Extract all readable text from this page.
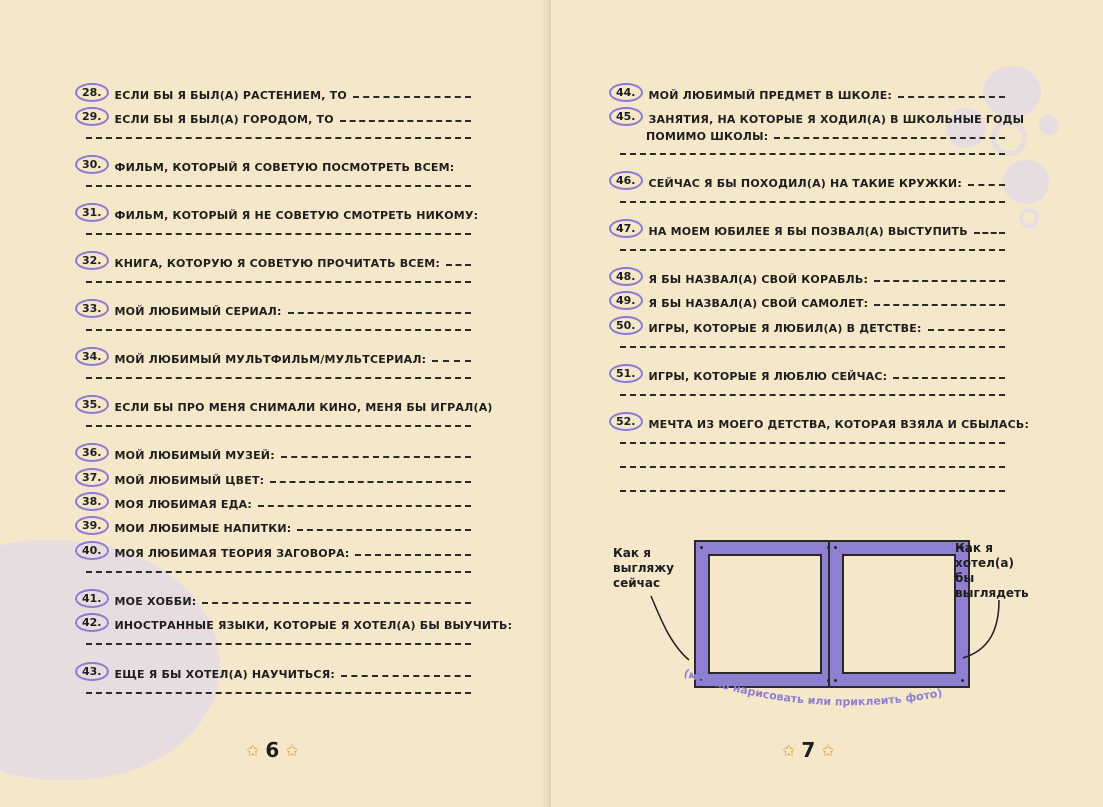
28.	ЕСЛИ БЫ Я БЫЛ(А) РАСТЕНИЕМ, ТО
29.	ЕСЛИ БЫ Я БЫЛ(А) ГОРОДОМ, ТО
30.	ФИЛЬМ, КОТОРЫЙ Я СОВЕТУЮ ПОСМОТРЕТЬ ВСЕМ:
31.	ФИЛЬМ, КОТОРЫЙ Я НЕ СОВЕТУЮ СМОТРЕТЬ НИКОМУ:
32.	КНИГА, КОТОРУЮ Я СОВЕТУЮ ПРОЧИТАТЬ ВСЕМ:
33.	МОЙ ЛЮБИМЫЙ СЕРИАЛ:
34.	МОЙ ЛЮБИМЫЙ МУЛЬТФИЛЬМ/МУЛЬТСЕРИАЛ:
35.	ЕСЛИ БЫ ПРО МЕНЯ СНИМАЛИ КИНО, МЕНЯ БЫ ИГРАЛ(А)
36.	МОЙ ЛЮБИМЫЙ МУЗЕЙ:
37.	МОЙ ЛЮБИМЫЙ ЦВЕТ:
38.	МОЯ ЛЮБИМАЯ ЕДА:
39.	МОИ ЛЮБИМЫЕ НАПИТКИ:
40.	МОЯ ЛЮБИМАЯ ТЕОРИЯ ЗАГОВОРА:
41.	МОЕ ХОББИ:
42.	ИНОСТРАННЫЕ ЯЗЫКИ, КОТОРЫЕ Я ХОТЕЛ(А) БЫ ВЫУЧИТЬ:
43.	ЕЩЕ Я БЫ ХОТЕЛ(А) НАУЧИТЬСЯ:
✩ 6 ✩
44.	МОЙ ЛЮБИМЫЙ ПРЕДМЕТ В ШКОЛЕ:
45.	ЗАНЯТИЯ, НА КОТОРЫЕ Я ХОДИЛ(А) В ШКОЛЬНЫЕ ГОДЫ
ПОМИМО ШКОЛЫ:
46.	СЕЙЧАС Я БЫ ПОХОДИЛ(А) НА ТАКИЕ КРУЖКИ:
47.	НА МОЕМ ЮБИЛЕЕ Я БЫ ПОЗВАЛ(А) ВЫСТУПИТЬ
48.	Я БЫ НАЗВАЛ(А) СВОЙ КОРАБЛЬ:
49.	Я БЫ НАЗВАЛ(А) СВОЙ САМОЛЕТ:
50.	ИГРЫ, КОТОРЫЕ Я ЛЮБИЛ(А) В ДЕТСТВЕ:
51.	ИГРЫ, КОТОРЫЕ Я ЛЮБЛЮ СЕЙЧАС:
52.	МЕЧТА ИЗ МОЕГО ДЕТСТВА, КОТОРАЯ ВЗЯЛА И СБЫЛАСЬ:
Как я выгляжу сейчас
Как я хотел(а) бы выглядеть
(можно нарисовать или приклеить фото)
✩ 7 ✩
